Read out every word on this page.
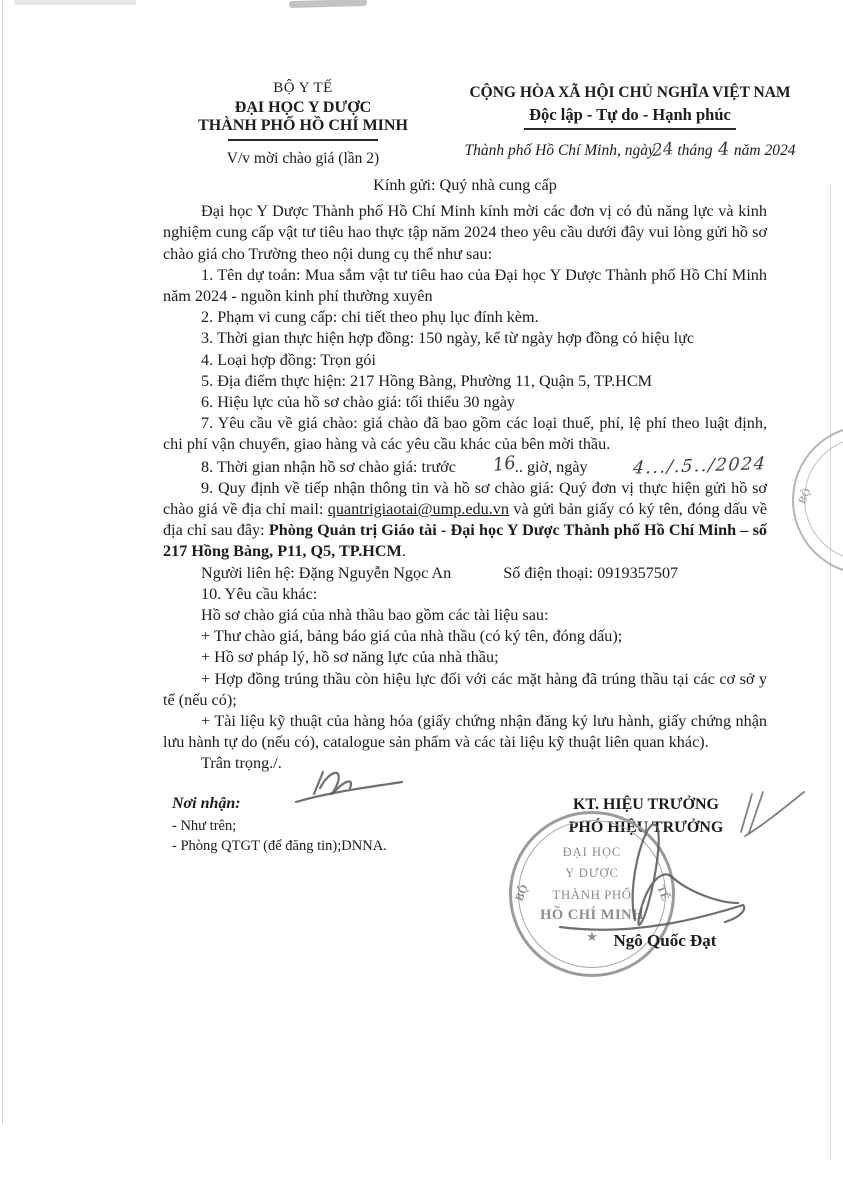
BỘ Y TẾ
ĐẠI HỌC Y DƯỢC
THÀNH PHỐ HỒ CHÍ MINH
V/v mời chào giá (lần 2)
CỘNG HÒA XÃ HỘI CHỦ NGHĨA VIỆT NAM
Độc lập - Tự do - Hạnh phúc
Thành phố Hồ Chí Minh, ngày24 tháng 4 năm 2024

Kính gửi: Quý nhà cung cấp

Đại học Y Dược Thành phố Hồ Chí Minh kính mời các đơn vị có đủ năng lực và kinh nghiệm cung cấp vật tư tiêu hao thực tập năm 2024 theo yêu cầu dưới đây vui lòng gửi hồ sơ chào giá cho Trường theo nội dung cụ thể như sau:

1. Tên dự toán: Mua sắm vật tư tiêu hao của Đại học Y Dược Thành phố Hồ Chí Minh năm 2024 - nguồn kinh phí thường xuyên

2. Phạm vi cung cấp: chi tiết theo phụ lục đính kèm.

3. Thời gian thực hiện hợp đồng: 150 ngày, kể từ ngày hợp đồng có hiệu lực

4. Loại hợp đồng: Trọn gói

5. Địa điểm thực hiện: 217 Hồng Bàng, Phường 11, Quận 5, TP.HCM

6. Hiệu lực của hồ sơ chào giá: tối thiểu 30 ngày

7. Yêu cầu về giá chào: giá chào đã bao gồm các loại thuế, phí, lệ phí theo luật định, chi phí vận chuyển, giao hàng và các yêu cầu khác của bên mời thầu.

8. Thời gian nhận hồ sơ chào giá: trước 16.. giờ, ngày 4.../.5../2024

9. Quy định về tiếp nhận thông tin và hồ sơ chào giá: Quý đơn vị thực hiện gửi hồ sơ chào giá về địa chỉ mail: quantrigiaotai@ump.edu.vn và gửi bản giấy có ký tên, đóng dấu về địa chỉ sau đây: Phòng Quản trị Giáo tài - Đại học Y Dược Thành phố Hồ Chí Minh – số 217 Hồng Bàng, P11, Q5, TP.HCM.

Người liên hệ: Đặng Nguyễn Ngọc An	Số điện thoại: 0919357507

10. Yêu cầu khác:

Hồ sơ chào giá của nhà thầu bao gồm các tài liệu sau:

+ Thư chào giá, bảng báo giá của nhà thầu (có ký tên, đóng dấu);

+ Hồ sơ pháp lý, hồ sơ năng lực của nhà thầu;

+ Hợp đồng trúng thầu còn hiệu lực đối với các mặt hàng đã trúng thầu tại các cơ sở y tế (nếu có);

+ Tài liệu kỹ thuật của hàng hóa (giấy chứng nhận đăng ký lưu hành, giấy chứng nhận lưu hành tự do (nếu có), catalogue sản phẩm và các tài liệu kỹ thuật liên quan khác).

Trân trọng./.

Nơi nhận:
- Như trên;
- Phòng QTGT (để đăng tin);DNNA.
KT. HIỆU TRƯỞNG
PHÓ HIỆU TRƯỞNG
ĐẠI HỌC
Y DƯỢC
THÀNH PHỐ
HỒ CHÍ MINH
★
BỘ	TẾ
Ngô Quốc Đạt
BỘ
